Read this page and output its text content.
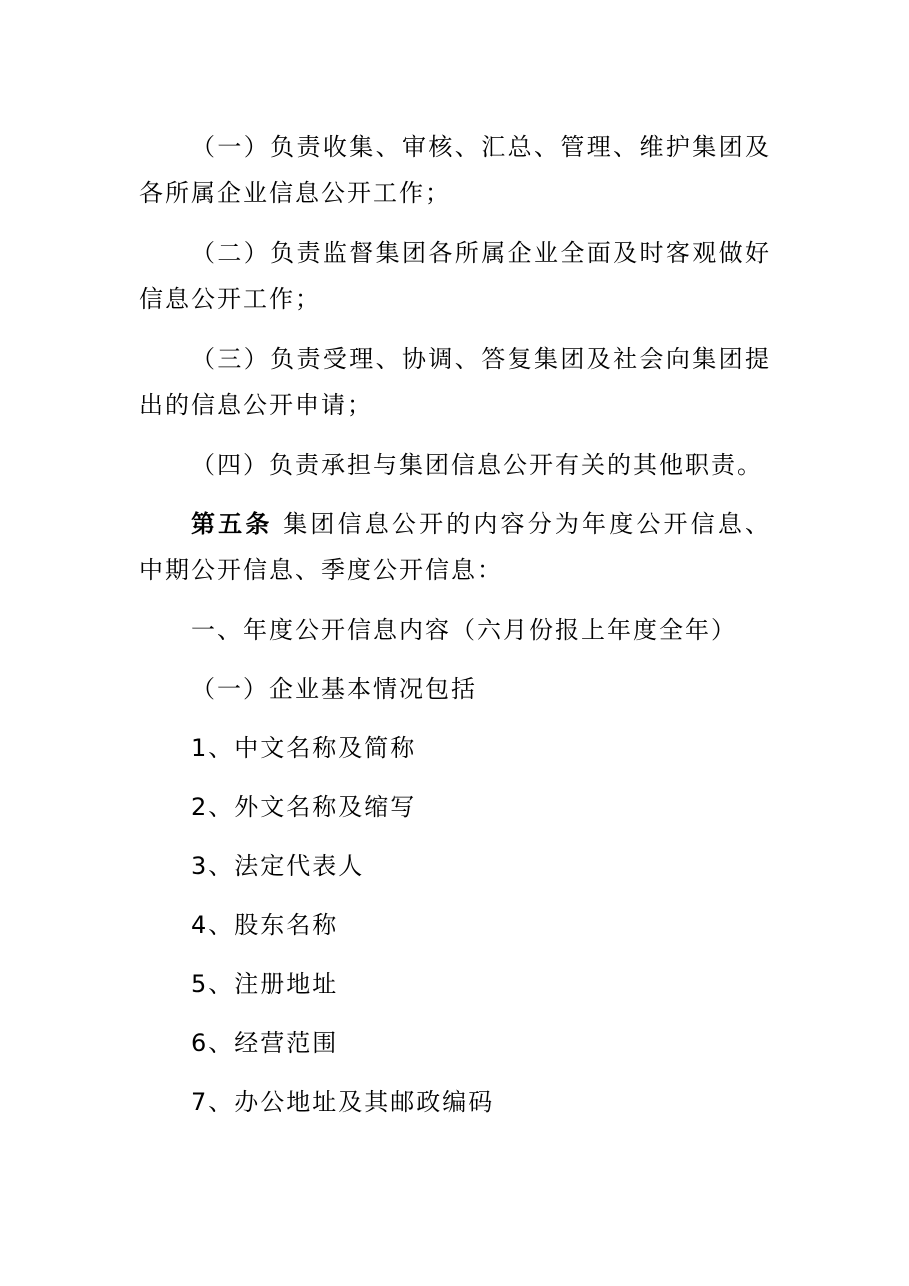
（一）负责收集、审核、汇总、管理、维护集团及各所属企业信息公开工作；

（二）负责监督集团各所属企业全面及时客观做好信息公开工作；

（三）负责受理、协调、答复集团及社会向集团提出的信息公开申请；

（四）负责承担与集团信息公开有关的其他职责。

第五条 集团信息公开的内容分为年度公开信息、中期公开信息、季度公开信息：

一、年度公开信息内容（六月份报上年度全年）

（一）企业基本情况包括

1、中文名称及简称

2、外文名称及缩写

3、法定代表人

4、股东名称

5、注册地址

6、经营范围

7、办公地址及其邮政编码
